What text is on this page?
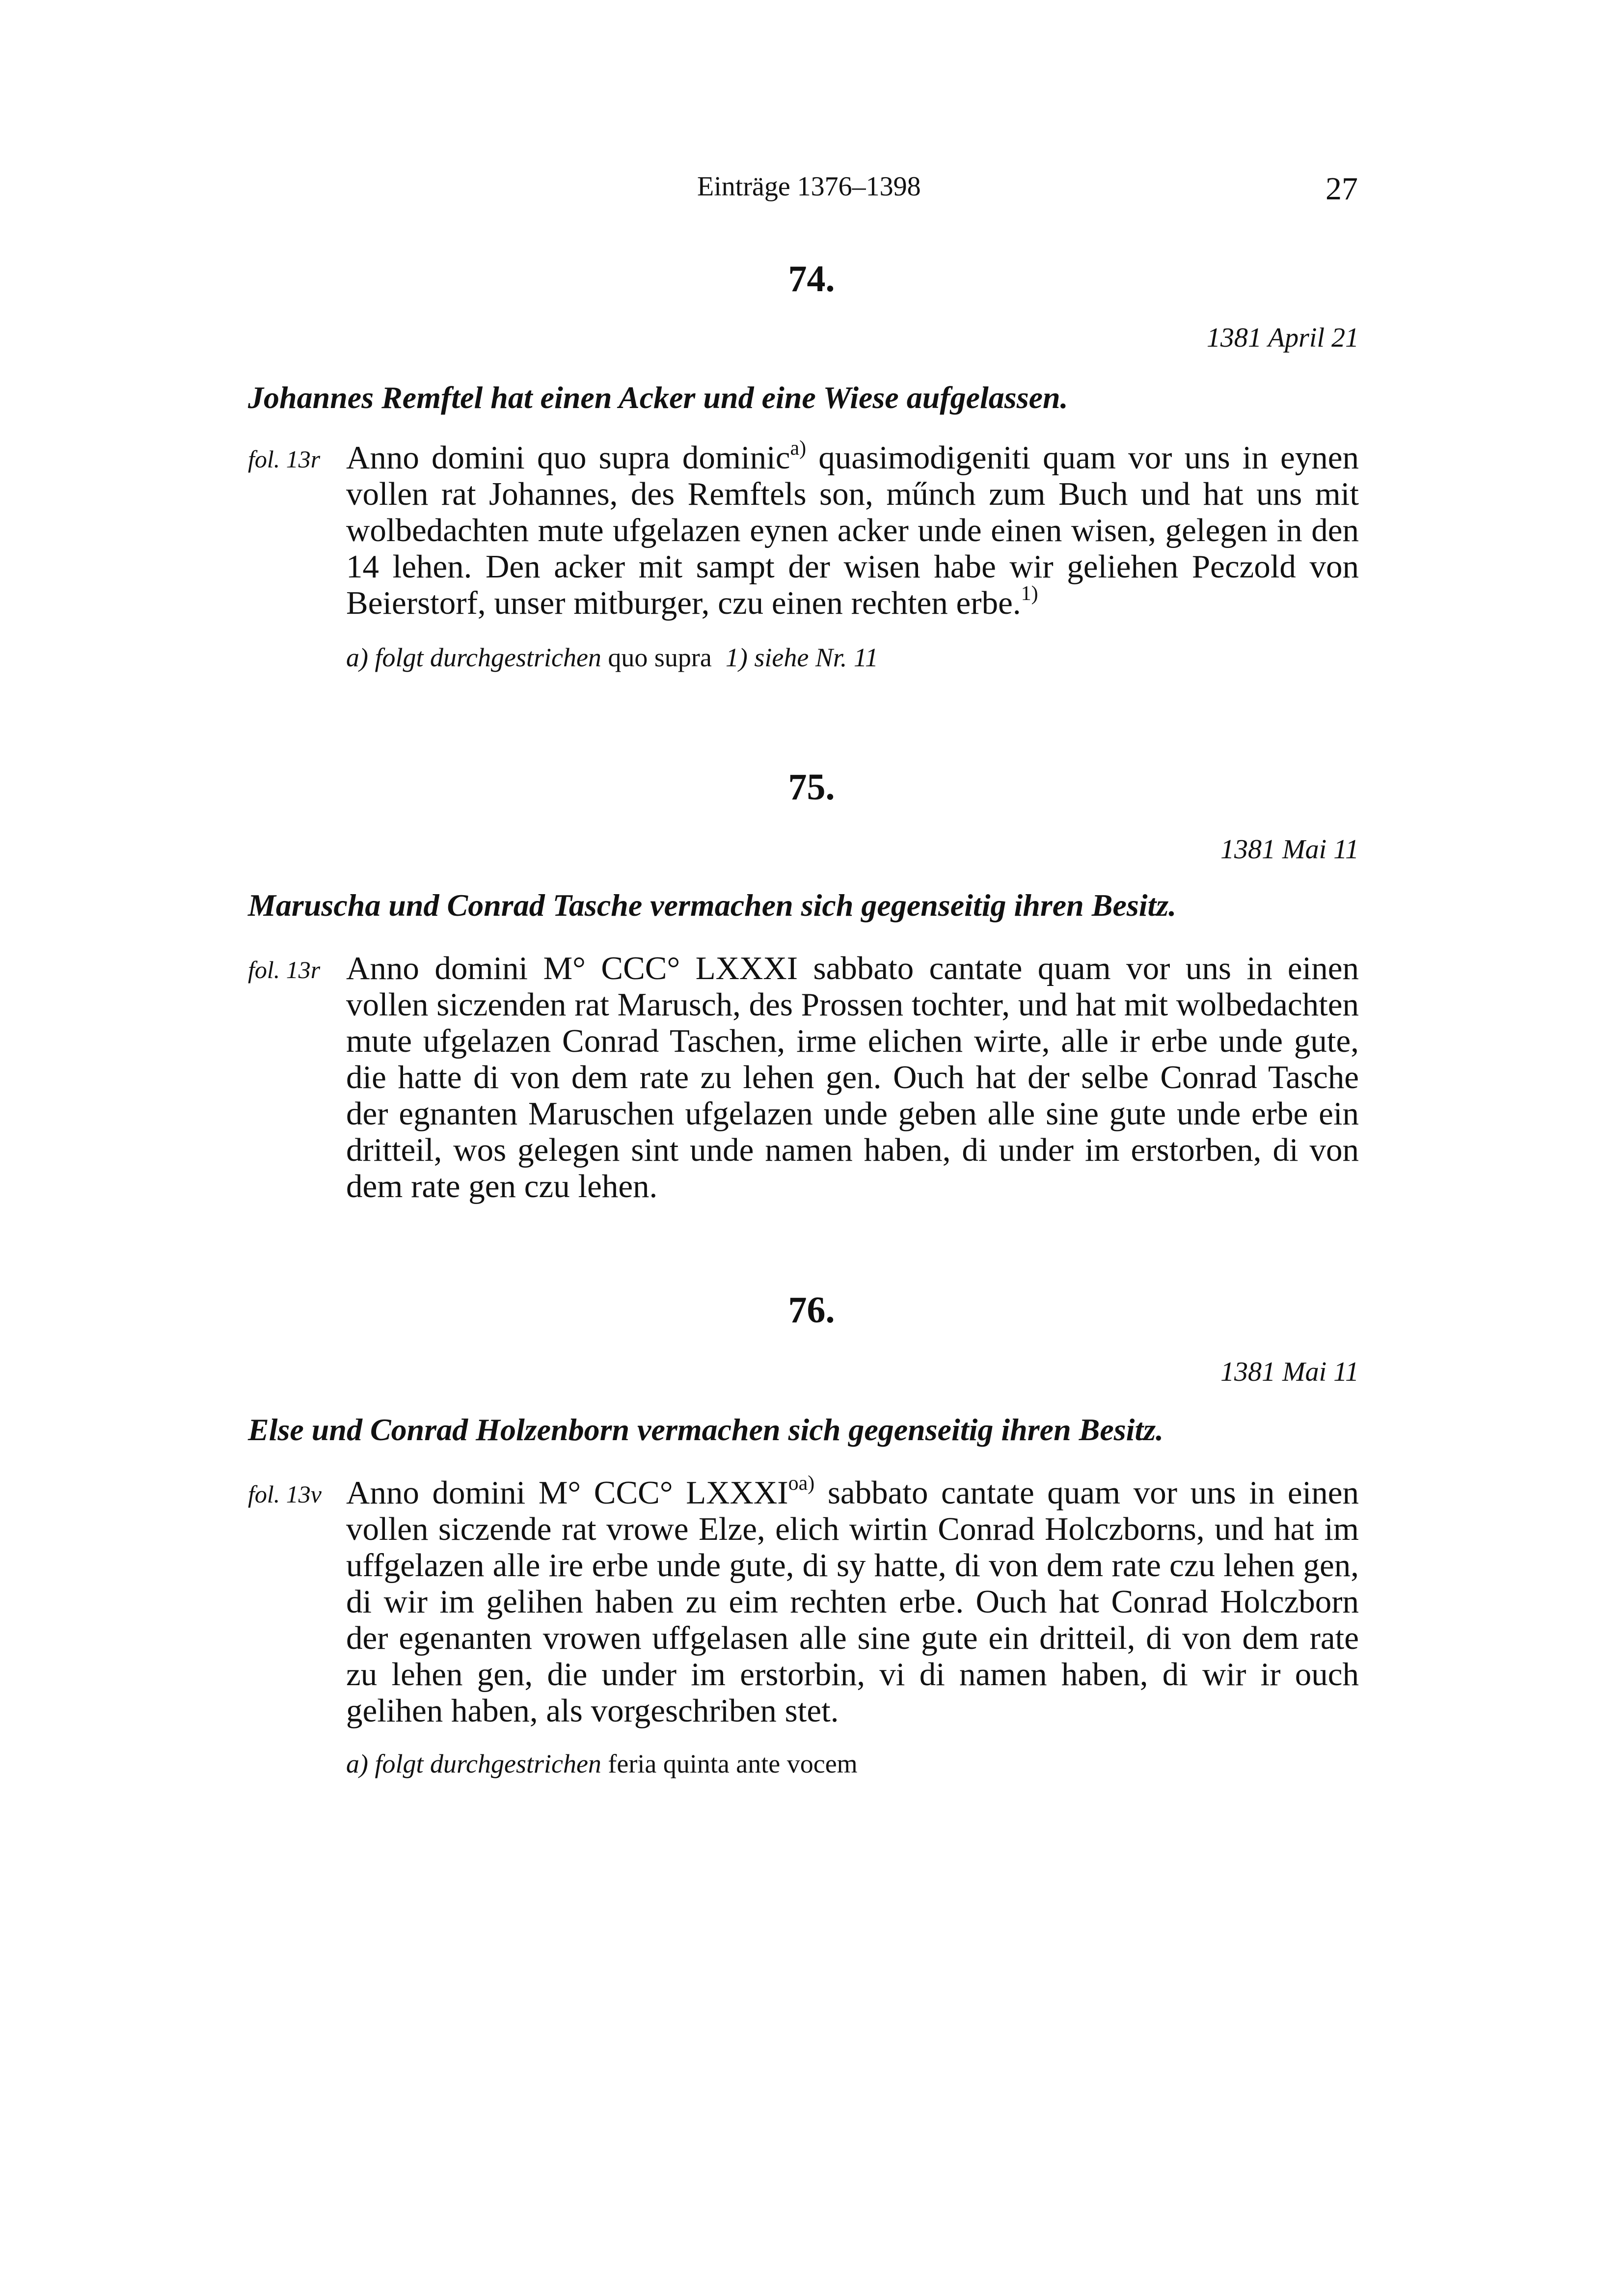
Einträge 1376–1398	27
74.
1381 April 21
Johannes Remftel hat einen Acker und eine Wiese aufgelassen.
fol. 13r Anno domini quo supra dominic$^{a)}$ quasimodigeniti quam vor uns in eynen vollen rat Johannes, des Remftels son, műnch zum Buch und hat uns mit wolbedachten mute ufgelazen eynen acker unde einen wisen, gelegen in den 14 lehen. Den acker mit sampt der wisen habe wir geliehen Peczold von Beierstorf, unser mitburger, czu einen rechten erbe.$^{1)}$
a) folgt durchgestrichen quo supra 1) siehe Nr. 11
75.
1381 Mai 11
Maruscha und Conrad Tasche vermachen sich gegenseitig ihren Besitz.
fol. 13r Anno domini M° CCC° LXXXI sabbato cantate quam vor uns in einen vollen siczenden rat Marusch, des Prossen tochter, und hat mit wolbedachten mute ufgelazen Conrad Taschen, irme elichen wirte, alle ir erbe unde gute, die hatte di von dem rate zu lehen gen. Ouch hat der selbe Conrad Tasche der egnanten Maruschen ufgelazen unde geben alle sine gute unde erbe ein dritteil, wos gelegen sint unde namen haben, di under im erstorben, di von dem rate gen czu lehen.
76.
1381 Mai 11
Else und Conrad Holzenborn vermachen sich gegenseitig ihren Besitz.
fol. 13v Anno domini M° CCC° $LXXXI^{oa)}$ sabbato cantate quam vor uns in einen vollen siczende rat vrowe Elze, elich wirtin Conrad Holczborns, und hat im uffgelazen alle ire erbe unde gute, di sy hatte, di von dem rate czu lehen gen, di wir im gelihen haben zu eim rechten erbe. Ouch hat Conrad Holczborn der egenanten vrowen uffgelasen alle sine gute ein dritteil, di von dem rate zu lehen gen, die under im erstorbin, vi di namen haben, di wir ir ouch gelihen haben, als vorgeschriben stet.
a) folgt durchgestrichen feria quinta ante vocem
